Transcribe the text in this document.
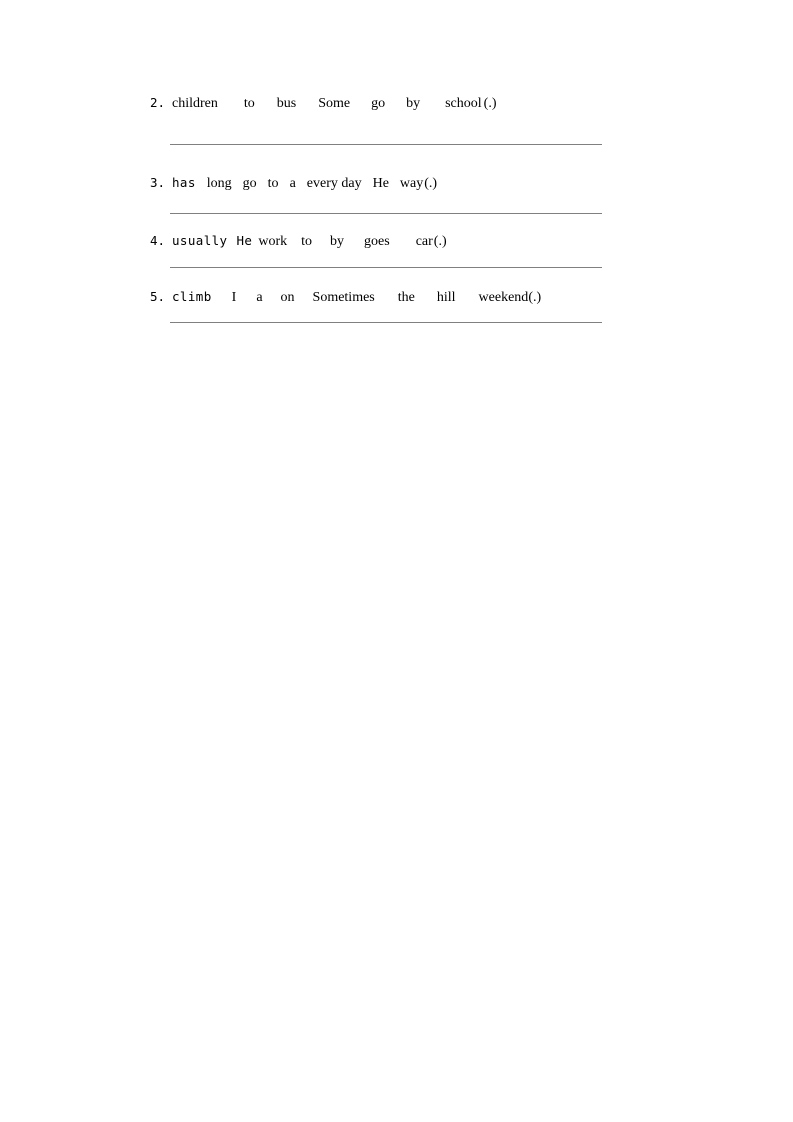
2. children to bus Some go by school (.)
3. has long go to a every day He way (.)
4. usually He work to by goes car (.)
5. climb I a on Sometimes the hill weekend (.)
